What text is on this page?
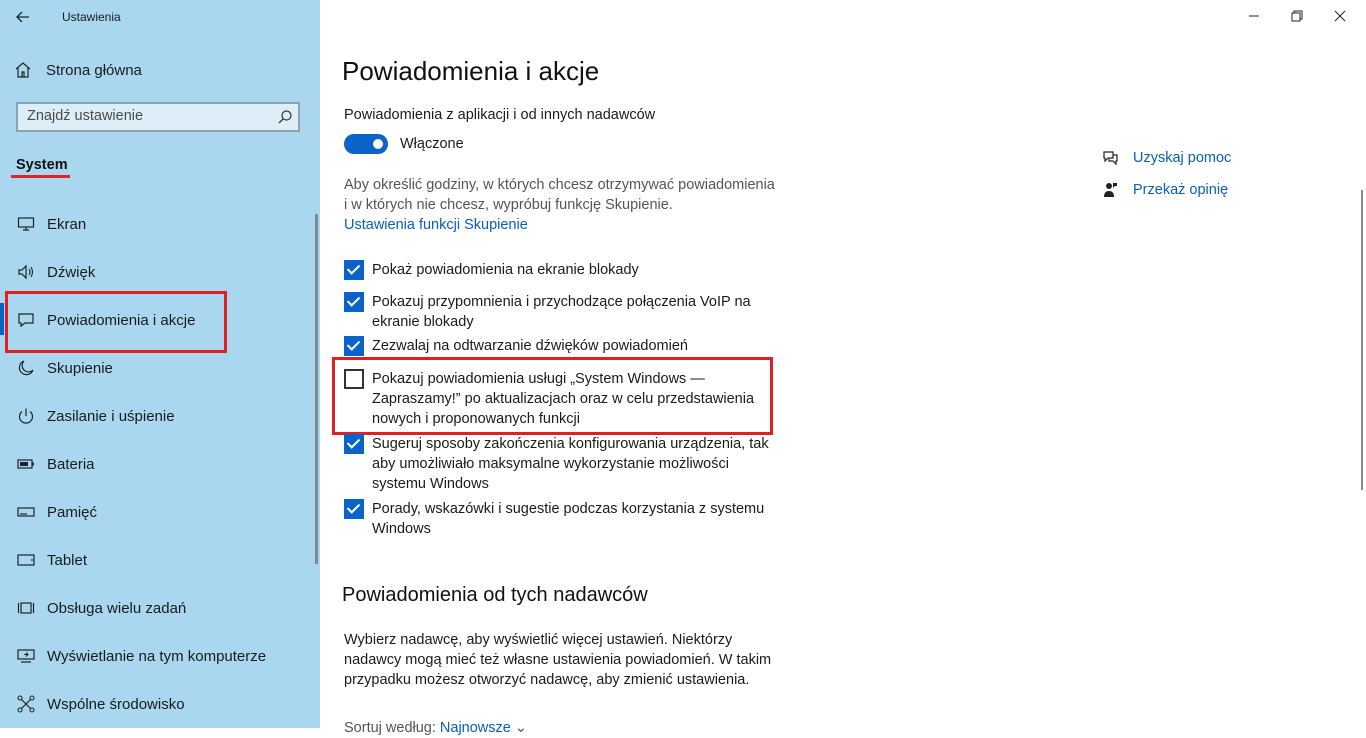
Ustawienia
Strona główna
Znajdź ustawienie
System
Ekran
Dźwięk
Powiadomienia i akcje
Skupienie
Zasilanie i uśpienie
Bateria
Pamięć
Tablet
Obsługa wielu zadań
Wyświetlanie na tym komputerze
Wspólne środowisko
Powiadomienia i akcje
Powiadomienia z aplikacji i od innych nadawców
Włączone
Aby określić godziny, w których chcesz otrzymywać powiadomienia
i w których nie chcesz, wypróbuj funkcję Skupienie.
Ustawienia funkcji Skupienie
Pokaż powiadomienia na ekranie blokady
Pokazuj przypomnienia i przychodzące połączenia VoIP na
ekranie blokady
Zezwalaj na odtwarzanie dźwięków powiadomień
Pokazuj powiadomienia usługi „System Windows —
Zapraszamy!” po aktualizacjach oraz w celu przedstawienia
nowych i proponowanych funkcji
Sugeruj sposoby zakończenia konfigurowania urządzenia, tak
aby umożliwiało maksymalne wykorzystanie możliwości
systemu Windows
Porady, wskazówki i sugestie podczas korzystania z systemu
Windows
Powiadomienia od tych nadawców
Wybierz nadawcę, aby wyświetlić więcej ustawień. Niektórzy
nadawcy mogą mieć też własne ustawienia powiadomień. W takim
przypadku możesz otworzyć nadawcę, aby zmienić ustawienia.
Sortuj według: Najnowsze ⌄
Uzyskaj pomoc
Przekaż opinię
